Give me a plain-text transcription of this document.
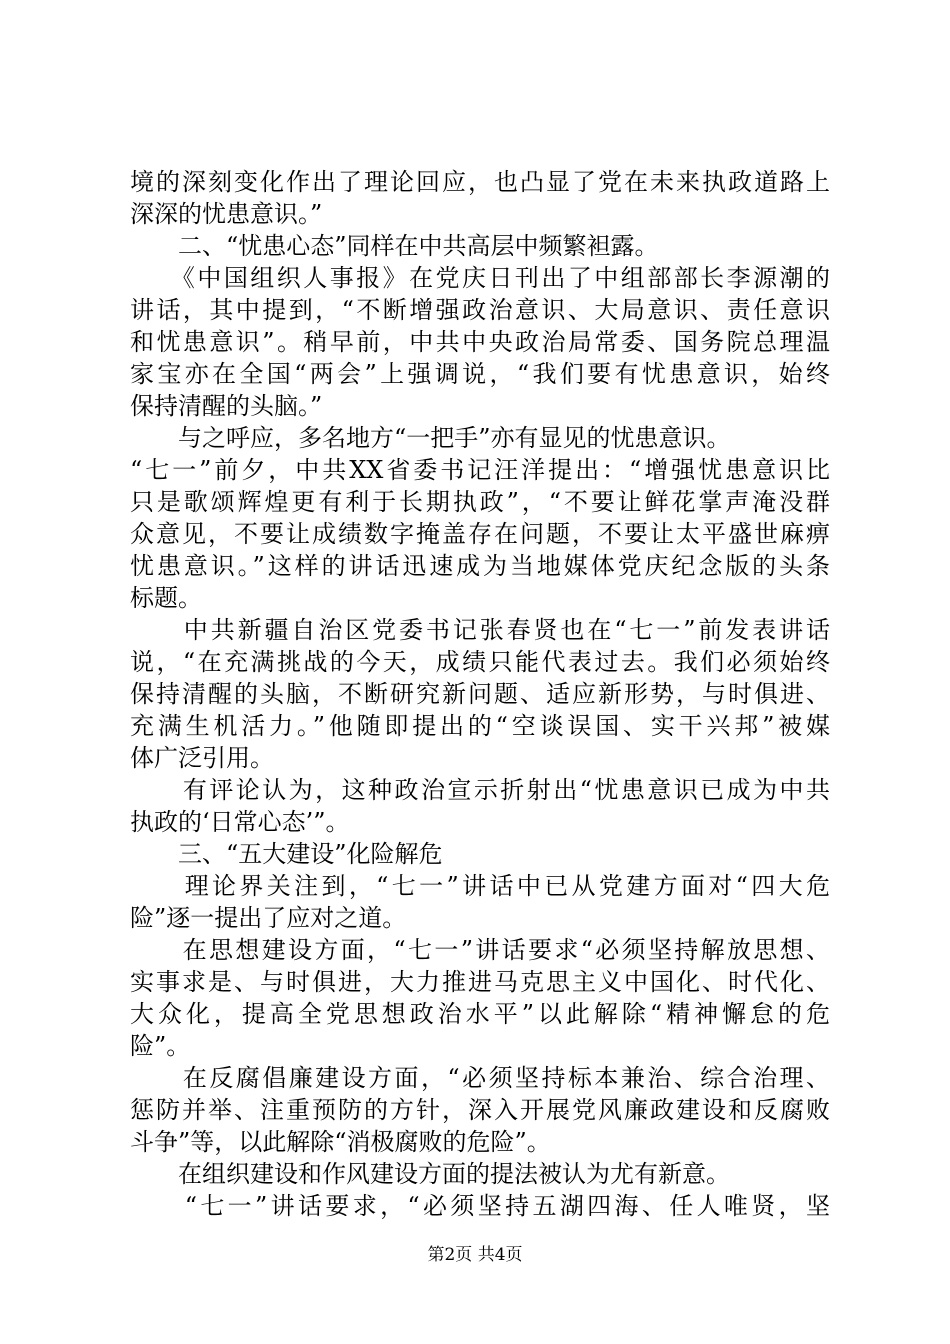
境的深刻变化作出了理论回应，也凸显了党在未来执政道路上
深深的忧患意识。”
　　二、“忧患心态”同样在中共高层中频繁袒露。
　　《中国组织人事报》在党庆日刊出了中组部部长李源潮的
讲话，其中提到，“不断增强政治意识、大局意识、责任意识
和忧患意识”。稍早前，中共中央政治局常委、国务院总理温
家宝亦在全国“两会”上强调说，“我们要有忧患意识，始终
保持清醒的头脑。”
　　与之呼应，多名地方“一把手”亦有显见的忧患意识。
“七一”前夕，中共XX省委书记汪洋提出：“增强忧患意识比
只是歌颂辉煌更有利于长期执政”，“不要让鲜花掌声淹没群
众意见，不要让成绩数字掩盖存在问题，不要让太平盛世麻痹
忧患意识。”这样的讲话迅速成为当地媒体党庆纪念版的头条
标题。
　　中共新疆自治区党委书记张春贤也在“七一”前发表讲话
说，“在充满挑战的今天，成绩只能代表过去。我们必须始终
保持清醒的头脑，不断研究新问题、适应新形势，与时俱进、
充满生机活力。”他随即提出的“空谈误国、实干兴邦”被媒
体广泛引用。
　　有评论认为，这种政治宣示折射出“忧患意识已成为中共
执政的‘日常心态’”。
　　三、“五大建设”化险解危
　　理论界关注到，“七一”讲话中已从党建方面对“四大危
险”逐一提出了应对之道。
　　在思想建设方面，“七一”讲话要求“必须坚持解放思想、
实事求是、与时俱进，大力推进马克思主义中国化、时代化、
大众化，提高全党思想政治水平”以此解除“精神懈怠的危
险”。
　　在反腐倡廉建设方面，“必须坚持标本兼治、综合治理、
惩防并举、注重预防的方针，深入开展党风廉政建设和反腐败
斗争”等，以此解除“消极腐败的危险”。
　　在组织建设和作风建设方面的提法被认为尤有新意。
　　“七一”讲话要求，“必须坚持五湖四海、任人唯贤，坚
第2页 共4页
